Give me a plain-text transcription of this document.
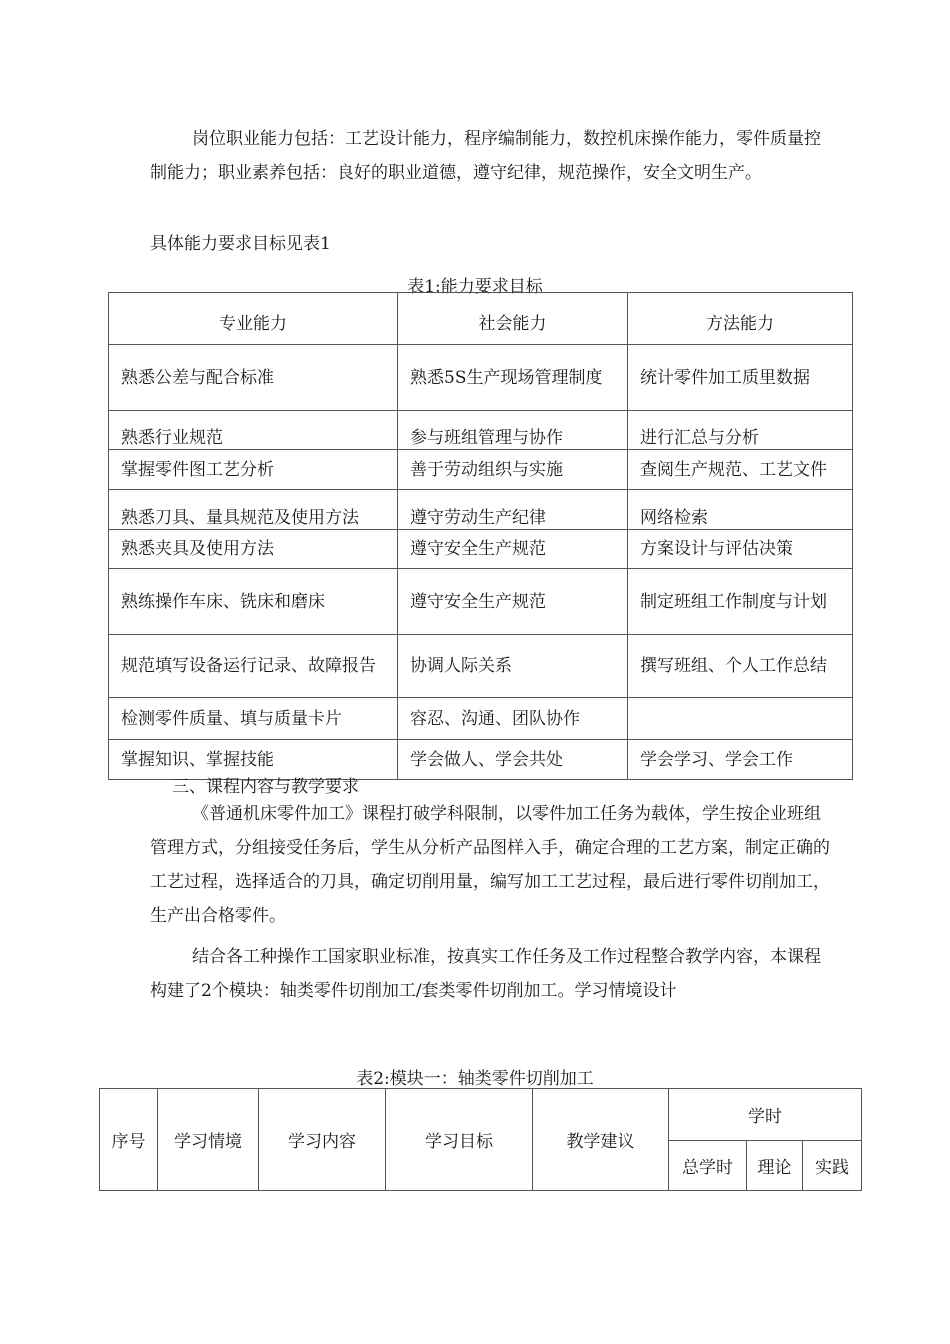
岗位职业能力包括：工艺设计能力，程序编制能力，数控机床操作能力，零件质量控制能力；职业素养包括：良好的职业道德，遵守纪律，规范操作，安全文明生产。

具体能力要求目标见表1

表1:能力要求目标

专业能力	社会能力	方法能力
熟悉公差与配合标准	熟悉5S生产现场管理制度	统计零件加工质里数据
熟悉行业规范	参与班组管理与协作	进行汇总与分析
掌握零件图工艺分析	善于劳动组织与实施	查阅生产规范、工艺文件
熟悉刀具、量具规范及使用方法	遵守劳动生产纪律	网络检索
熟悉夹具及使用方法	遵守安全生产规范	方案设计与评估决策
熟练操作车床、铣床和磨床	遵守安全生产规范	制定班组工作制度与计划
规范填写设备运行记录、故障报告	协调人际关系	撰写班组、个人工作总结
检测零件质量、填与质量卡片	容忍、沟通、团队协作	
掌握知识、掌握技能	学会做人、学会共处	学会学习、学会工作

三、课程内容与教学要求

《普通机床零件加工》课程打破学科限制，以零件加工任务为载体，学生按企业班组管理方式，分组接受任务后，学生从分析产品图样入手，确定合理的工艺方案，制定正确的工艺过程，选择适合的刀具，确定切削用量，编写加工工艺过程，最后进行零件切削加工，生产出合格零件。

结合各工种操作工国家职业标准，按真实工作任务及工作过程整合教学内容，本课程构建了2个模块：轴类零件切削加工/套类零件切削加工。学习情境设计

表2:模块一：轴类零件切削加工

序号	学习情境	学习内容	学习目标	教学建议	学时		
					总学时	理论	实践
